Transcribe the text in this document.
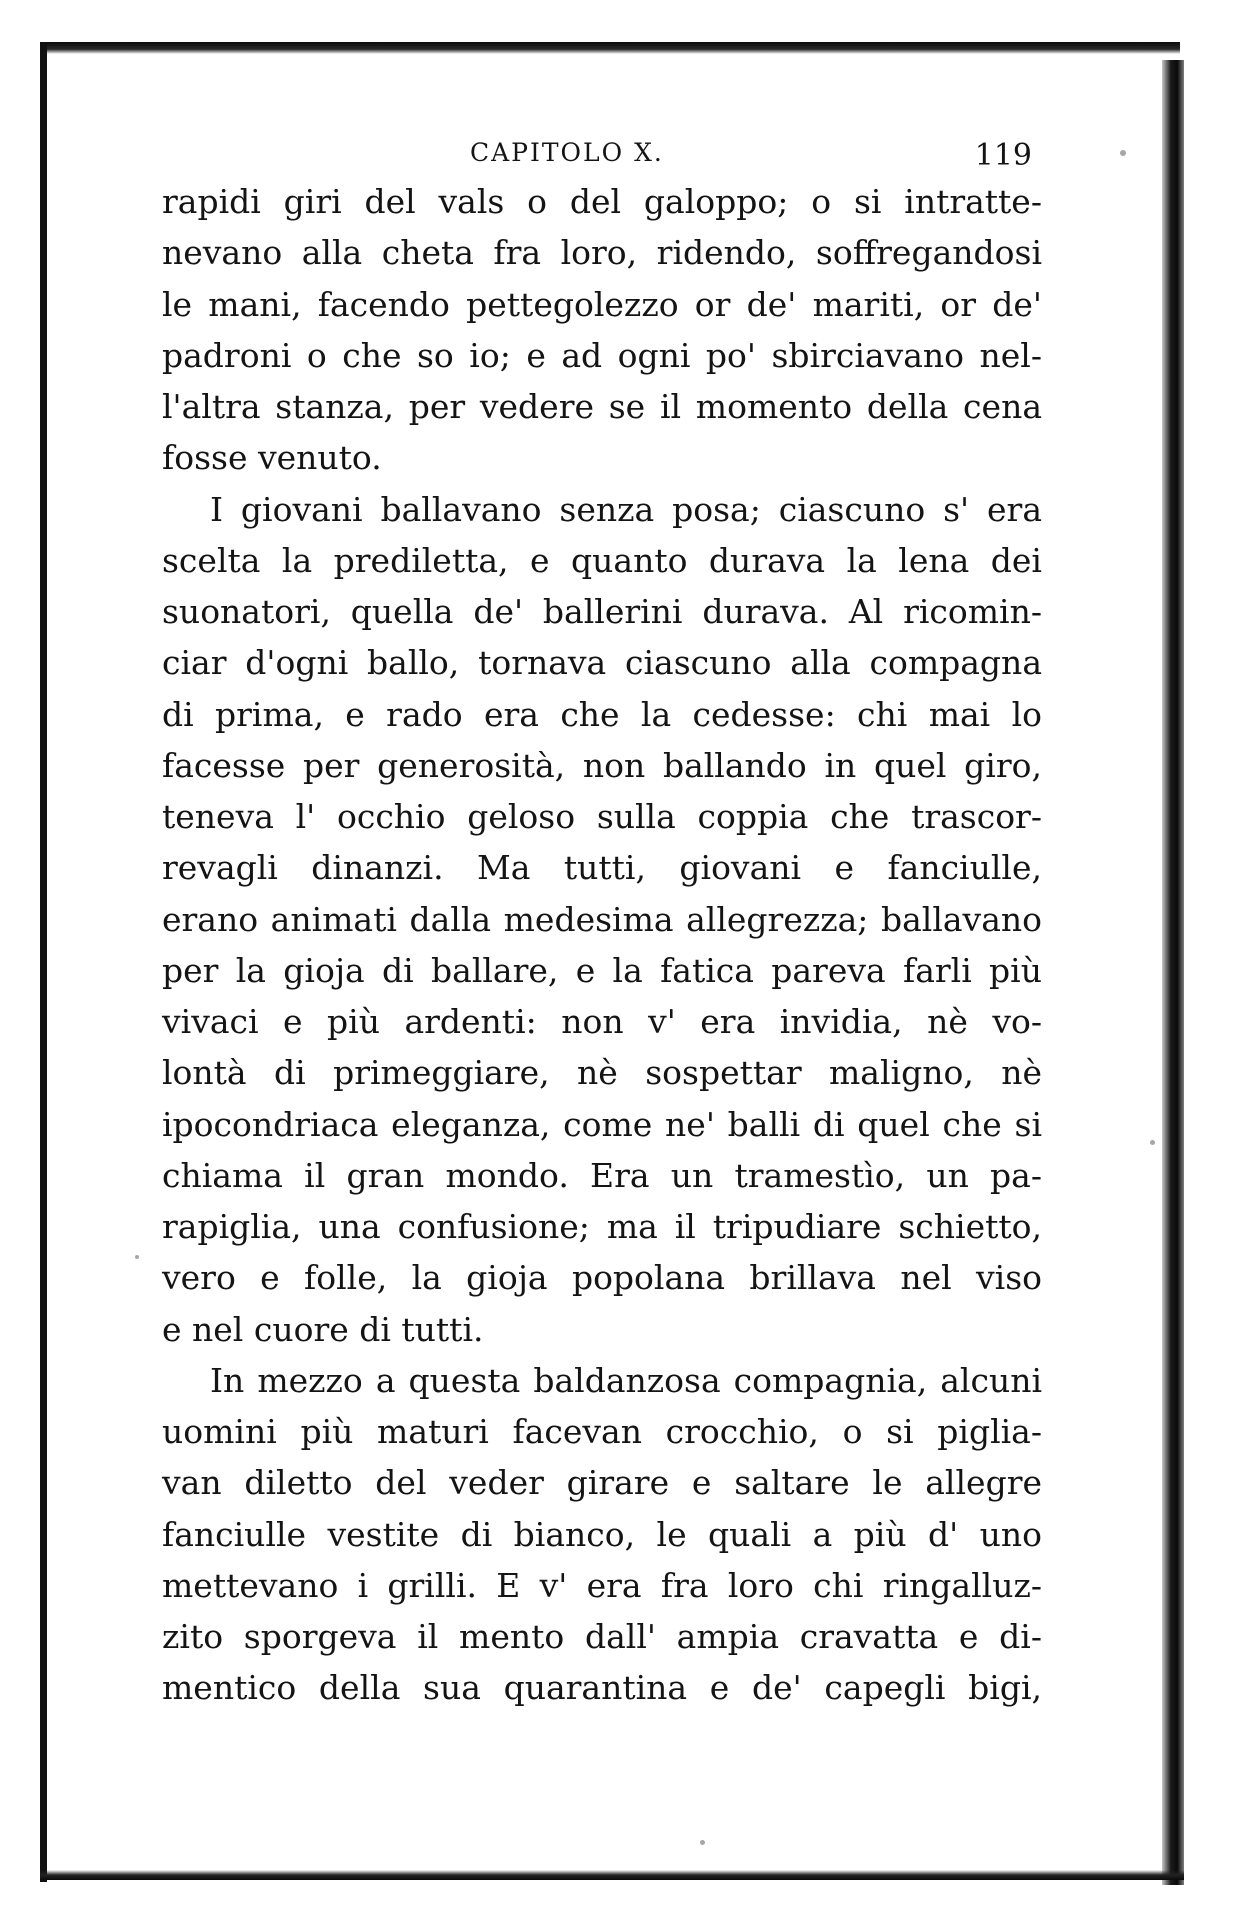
CAPITOLO X.	119
rapidi giri del vals o del galoppo; o si intratte-
nevano alla cheta fra loro, ridendo, soffregandosi
le mani, facendo pettegolezzo or de' mariti, or de'
padroni o che so io; e ad ogni po' sbirciavano nel-
l'altra stanza, per vedere se il momento della cena
fosse venuto.
I giovani ballavano senza posa; ciascuno s' era
scelta la prediletta, e quanto durava la lena dei
suonatori, quella de' ballerini durava. Al ricomin-
ciar d'ogni ballo, tornava ciascuno alla compagna
di prima, e rado era che la cedesse: chi mai lo
facesse per generosità, non ballando in quel giro,
teneva l' occhio geloso sulla coppia che trascor-
revagli dinanzi. Ma tutti, giovani e fanciulle,
erano animati dalla medesima allegrezza; ballavano
per la gioja di ballare, e la fatica pareva farli più
vivaci e più ardenti: non v' era invidia, nè vo-
lontà di primeggiare, nè sospettar maligno, nè
ipocondriaca eleganza, come ne' balli di quel che si
chiama il gran mondo. Era un tramestìo, un pa-
rapiglia, una confusione; ma il tripudiare schietto,
vero e folle, la gioja popolana brillava nel viso
e nel cuore di tutti.
In mezzo a questa baldanzosa compagnia, alcuni
uomini più maturi facevan crocchio, o si piglia-
van diletto del veder girare e saltare le allegre
fanciulle vestite di bianco, le quali a più d' uno
mettevano i grilli. E v' era fra loro chi ringalluz-
zito sporgeva il mento dall' ampia cravatta e di-
mentico della sua quarantina e de' capegli bigi,
